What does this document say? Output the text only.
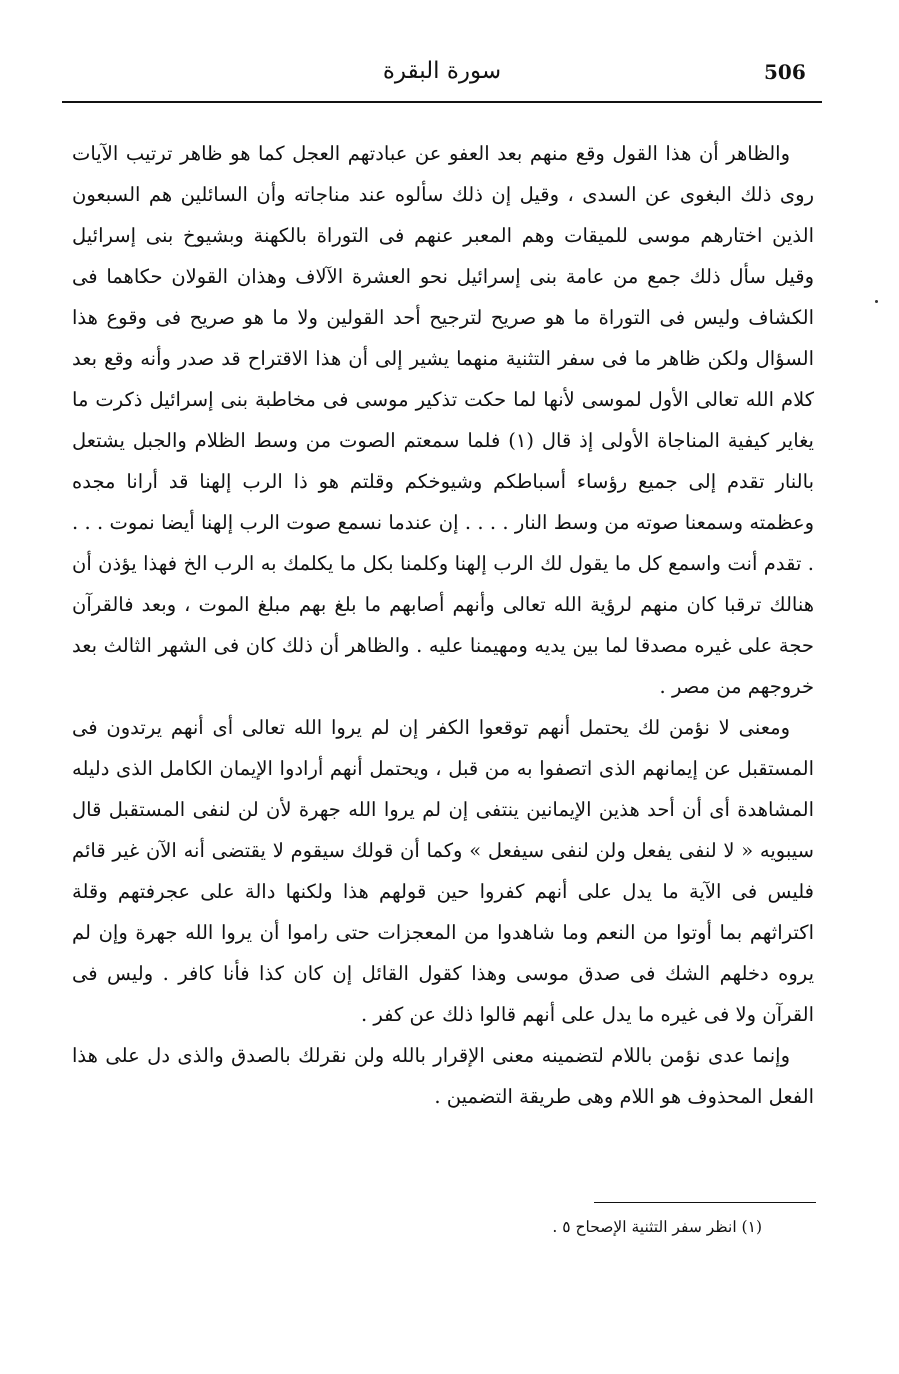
506
سورة البقرة

والظاهر أن هذا القول وقع منهم بعد العفو عن عبادتهم العجل كما هو ظاهر ترتيب الآيات روى ذلك البغوى عن السدى ، وقيل إن ذلك سألوه عند مناجاته وأن السائلين هم السبعون الذين اختارهم موسى للميقات وهم المعبر عنهم فى التوراة بالكهنة وبشيوخ بنى إسرائيل وقيل سأل ذلك جمع من عامة بنى إسرائيل نحو العشرة الآلاف وهذان القولان حكاهما فى الكشاف وليس فى التوراة ما هو صريح لترجيح أحد القولين ولا ما هو صريح فى وقوع هذا السؤال ولكن ظاهر ما فى سفر التثنية منهما يشير إلى أن هذا الاقتراح قد صدر وأنه وقع بعد كلام الله تعالى الأول لموسى لأنها لما حكت تذكير موسى فى مخاطبة بنى إسرائيل ذكرت ما يغاير كيفية المناجاة الأولى إذ قال (١) فلما سمعتم الصوت من وسط الظلام والجبل يشتعل بالنار تقدم إلى جميع رؤساء أسباطكم وشيوخكم وقلتم هو ذا الرب إلهنا قد أرانا مجده وعظمته وسمعنا صوته من وسط النار . . . . إن عندما نسمع صوت الرب إلهنا أيضا نموت . . . . تقدم أنت واسمع كل ما يقول لك الرب إلهنا وكلمنا بكل ما يكلمك به الرب الخ فهذا يؤذن أن هنالك ترقبا كان منهم لرؤية الله تعالى وأنهم أصابهم ما بلغ بهم مبلغ الموت ، وبعد فالقرآن حجة على غيره مصدقا لما بين يديه ومهيمنا عليه . والظاهر أن ذلك كان فى الشهر الثالث بعد خروجهم من مصر .

ومعنى لا نؤمن لك يحتمل أنهم توقعوا الكفر إن لم يروا الله تعالى أى أنهم يرتدون فى المستقبل عن إيمانهم الذى اتصفوا به من قبل ، ويحتمل أنهم أرادوا الإيمان الكامل الذى دليله المشاهدة أى أن أحد هذين الإيمانين ينتفى إن لم يروا الله جهرة لأن لن لنفى المستقبل قال سيبويه « لا لنفى يفعل ولن لنفى سيفعل » وكما أن قولك سيقوم لا يقتضى أنه الآن غير قائم فليس فى الآية ما يدل على أنهم كفروا حين قولهم هذا ولكنها دالة على عجرفتهم وقلة اكتراثهم بما أوتوا من النعم وما شاهدوا من المعجزات حتى راموا أن يروا الله جهرة وإن لم يروه دخلهم الشك فى صدق موسى وهذا كقول القائل إن كان كذا فأنا كافر . وليس فى القرآن ولا فى غيره ما يدل على أنهم قالوا ذلك عن كفر .

وإنما عدى نؤمن باللام لتضمينه معنى الإقرار بالله ولن نقرلك بالصدق والذى دل على هذا الفعل المحذوف هو اللام وهى طريقة التضمين .

(١) انظر سفر التثنية الإصحاح ٥ .
